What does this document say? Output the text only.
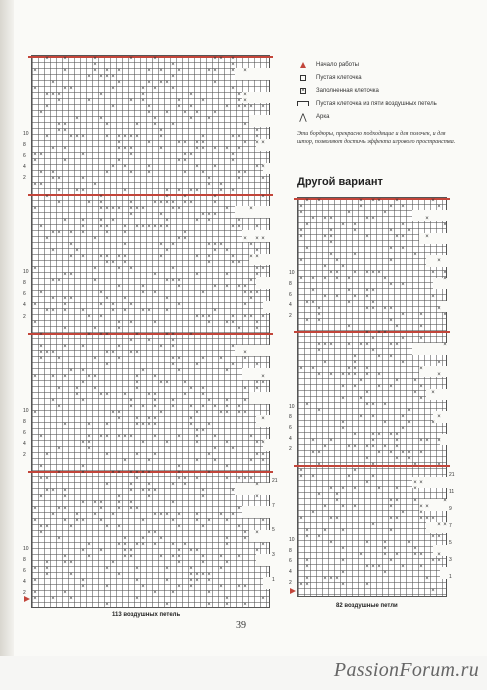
× ×	×	×	×	× × ×
×	×	×
×	×	× × ×	× × ×	× × × ×
× × × ×	×
×	×	× × ×	×
×	× ×	×	× × ×	×
× × ×	×	×	×	× ×
×	×	× ×	×	×	× ×
×	×	×	× ×	× × × × ×
×	× × × × ×
×	×	×	× ×
× ×	×	× × ×	×
× ×	×	×
×	× × ×	× × × × ×	×	×	× × ×
×	×	× × × ×	× × ×
× ×	× × ×	×	× × × × ×
× ×	×	×	× ×	×
×	×	×	× ×	×
× ×	×	× ×	× ×
× ×	×	× ×	× ×	× ×
× ×	×	×	×	×
× ×	×	× ×
× × ×	×	× × × ×	× ×
×	×	× ×	×	×
×	× ×	×	× × × × × ×	×
×	× × × × × × ×	× ×	×	×
×	×	× × ×
× × × ×	×	× ×	×
×	× × × × × × × × × ×	× × ×
× × × ×	× ×	×
×	×	× ×	× × ×
×	×	× ×	× × ×	×
×	×	×	× ×	×
× × × × × ×	×	× ×	× × ×
× × ×	×	× ×
×	×	× ×	×	× ×
× ×	×	×	×	×
× ×	×	× × ×	×
×	×	×	× × × ×
×	×	× ×	×	× × ×
× × ×	× ×	×	×
×	×	× × ×	×	×
× × × ×	× × × × ×	×
× ×	× × ×	× × × ×
×	× ×	×	× × ×	×
×	×	×	× ×
×	× × ×	×	× × ×
× ×	×
×	× ×	×	× ×	×
× × ×	× × × ×	×
× ×	×	×	× ×	× ×	×
×	×	×	×	×
× ×	×	×	×
× × ×	× ×	× ×	×
×	×	× × ×	× ×
× × ×	×	× ×	× ×
×	× × ×	× ×	× ×
×	×	×	× ×	× × ×
×	× × × × × × × × ×
×	× ×	×	×	× × × ×
× × × ×	×	×
×	× ×	× × × ×	× ×
× ×
×	× × × × × ×	×	× × ×	×
× ×	×	×	×	×	× ×
×	×	× ×
×	×	× ×	×	× ×
×	×	× ×	× ×
×	×	×	×
×	×	× × × × × ×	×	×
× ×	×	× × ×	× × × ×
×	× ×	× ×	×
× × ×	× × × ×	×	×
×	×	×	×	×	×
× × × × ×	×
×	× ×	× × × ×	×
×	× × ×	× × × × ×	× ×
×	× × × ×	×	×	× × ×	×
× ×	×	× ×	×	×	×
×	× ×	× ×
×	× × ×	× ×
×	× × × × × × ×	×	×
× ×	× ×	× × ×	×
×	×	× ×	× × ×	× × ×
× × ×	×	×	×	×
× ×	×	×	×	×	×
×	×	×	× × × ×
×	×	×	×	× × ×
×	×	×	× ×	× × ×
×	×	× ×	×
× × ×	×	×	×
×	×	× × ×
Начало работы
Пустая клеточка
× Заполненная клеточка
Пустая клеточка из пяти воздушных петель
⋀ Арка
Эти бордюры, прекрасно подходящие и для полочек, и для штор, позволяют достичь эффекта игрового пространства.
Другой вариант
× ×	× × × ×	×
×	×	× ×	×
×	×	×
× × ×	× ×	×
×	× ×	×	×
×	×	×	× ×
×	× ×	×	× ×	×
×
×	× ×
×	×	×
×	×	×	×
× ×
× × × × × ×	× ×
× × × × ×	×	×
× ×
×	× × ×
× × × ×	×
× ×	×	×
×	× × × ×	×
×	× ×	×
× ×	×
×	×	×
× × ×
×	× ×
× × × × × ×	× ×	×
×	×
×	× ×
×	×	×	×
× ×	× × ×	×
× × × × × × ×	×
×	× ×
× ×	× ×	×
×	× ×
× ×	×
×	× × ×
×	×
× ×	×	×
×	×	×	×
×	×
× × × × ×
× ×	×	×	× × ×
×	× × × × × ×
× ×	× × × × ×
×	× ×
×	×	×	×
×	×
× ×	×	×
×	× ×
× × ×	× × ×
× ×
×	× × ×	×
× × ×	×	× ×
×	× ×
×	× ×	× ×	× × ×
×	× ×
× × ×	×
× ×	× ×
×	× ×	×
×	×	×
×	× × × × ×
×	×	×	× ×
×	× × ×	× ×
×	×
× × × ×	×
× ×	×	×
×
113 воздушных петель
82 воздушные петли
39
PassionForum.ru
10
8
6
4
2
10
8
6
4
2
10
8
6
4
2
10
8
6
4
2
21
7
5
3
1
10
8
6
4
2
10
8
6
4
2
10
8
6
4
2
21
11
9
7
5
3
1
